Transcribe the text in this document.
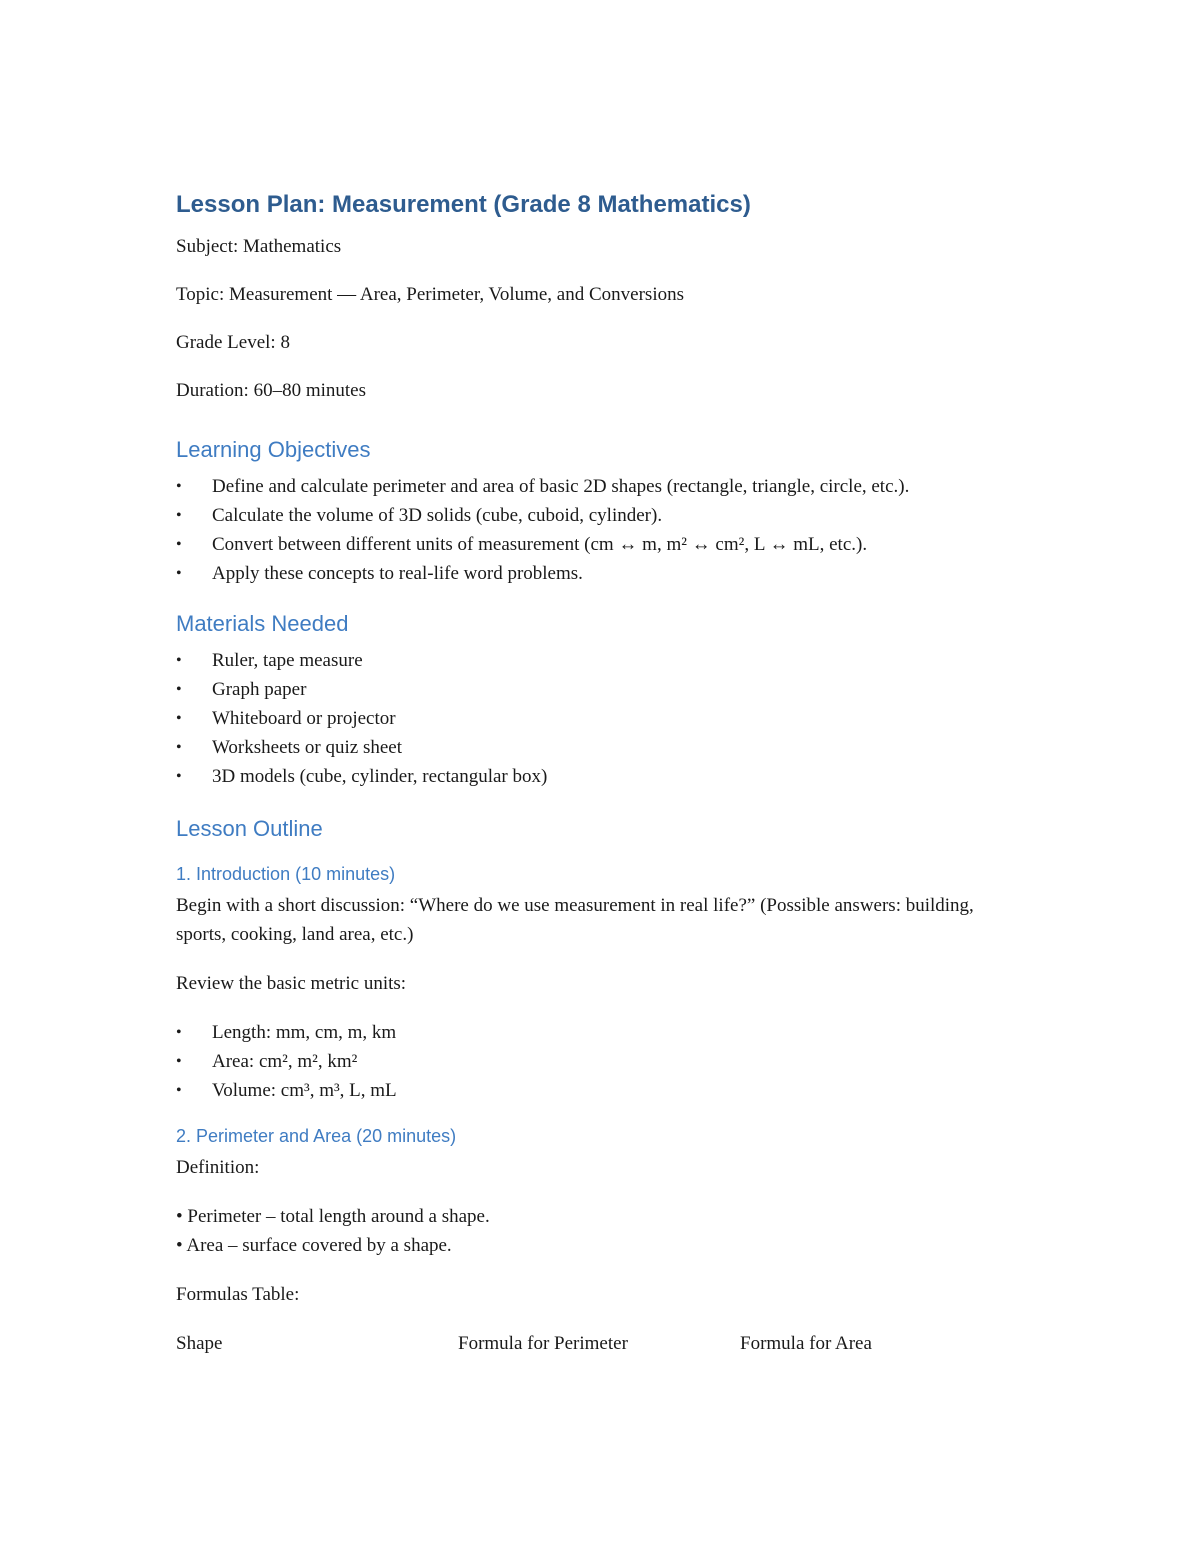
Lesson Plan: Measurement (Grade 8 Mathematics)

Subject: Mathematics

Topic: Measurement — Area, Perimeter, Volume, and Conversions

Grade Level: 8

Duration: 60–80 minutes

Learning Objectives
•	Define and calculate perimeter and area of basic 2D shapes (rectangle, triangle, circle, etc.).
•	Calculate the volume of 3D solids (cube, cuboid, cylinder).
•	Convert between different units of measurement (cm ↔ m, m² ↔ cm², L ↔ mL, etc.).
•	Apply these concepts to real-life word problems.
Materials Needed
•	Ruler, tape measure
•	Graph paper
•	Whiteboard or projector
•	Worksheets or quiz sheet
•	3D models (cube, cylinder, rectangular box)
Lesson Outline
1. Introduction (10 minutes)

Begin with a short discussion: “Where do we use measurement in real life?” (Possible answers: building, sports, cooking, land area, etc.)

Review the basic metric units:

•	Length: mm, cm, m, km
•	Area: cm², m², km²
•	Volume: cm³, m³, L, mL
2. Perimeter and Area (20 minutes)

Definition:

• Perimeter – total length around a shape.

• Area – surface covered by a shape.

Formulas Table:

Shape	Formula for Perimeter	Formula for Area
